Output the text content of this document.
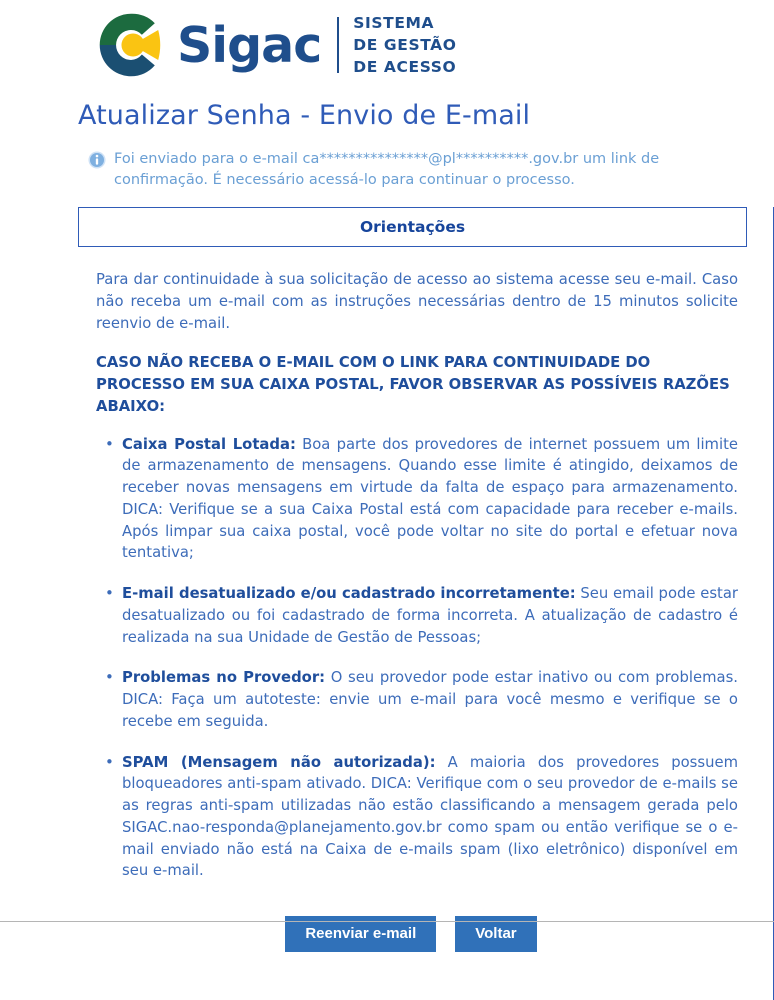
Sigac SISTEMA
DE GESTÃO
DE ACESSO
Atualizar Senha - Envio de E-mail
Foi enviado para o e-mail ca***************@pl**********.gov.br um link de confirmação. É necessário acessá-lo para continuar o processo.
Orientações

Para dar continuidade à sua solicitação de acesso ao sistema acesse seu e-mail. Caso não receba um e-mail com as instruções necessárias dentro de 15 minutos solicite reenvio de e-mail.

CASO NÃO RECEBA O E-MAIL COM O LINK PARA CONTINUIDADE DO PROCESSO EM SUA CAIXA POSTAL, FAVOR OBSERVAR AS POSSÍVEIS RAZÕES ABAIXO:

• Caixa Postal Lotada: Boa parte dos provedores de internet possuem um limite de armazenamento de mensagens. Quando esse limite é atingido, deixamos de receber novas mensagens em virtude da falta de espaço para armazenamento. DICA: Verifique se a sua Caixa Postal está com capacidade para receber e-mails. Após limpar sua caixa postal, você pode voltar no site do portal e efetuar nova tentativa;
• E-mail desatualizado e/ou cadastrado incorretamente: Seu email pode estar desatualizado ou foi cadastrado de forma incorreta. A atualização de cadastro é realizada na sua Unidade de Gestão de Pessoas;
• Problemas no Provedor: O seu provedor pode estar inativo ou com problemas. DICA: Faça um autoteste: envie um e-mail para você mesmo e verifique se o recebe em seguida.
• SPAM (Mensagem não autorizada): A maioria dos provedores possuem bloqueadores anti-spam ativado. DICA: Verifique com o seu provedor de e-mails se as regras anti-spam utilizadas não estão classificando a mensagem gerada pelo SIGAC.nao-responda@planejamento.gov.br como spam ou então verifique se o e-mail enviado não está na Caixa de e-mails spam (lixo eletrônico) disponível em seu e-mail.
Reenviar e-mail	Voltar
